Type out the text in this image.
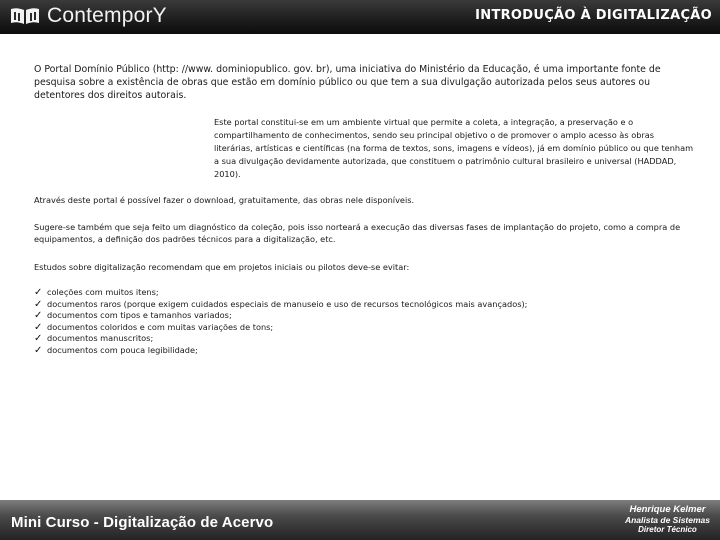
ContemporY	INTRODUÇÃO À DIGITALIZAÇÃO

O Portal Domínio Público (http: //www. dominiopublico. gov. br), uma iniciativa do Ministério da Educação, é uma importante fonte de pesquisa sobre a existência de obras que estão em domínio público ou que tem a sua divulgação autorizada pelos seus autores ou detentores dos direitos autorais.

Este portal constitui-se em um ambiente virtual que permite a coleta, a integração, a preservação e o compartilhamento de conhecimentos, sendo seu principal objetivo o de promover o amplo acesso às obras literárias, artísticas e científicas (na forma de textos, sons, imagens e vídeos), já em domínio público ou que tenham a sua divulgação devidamente autorizada, que constituem o patrimônio cultural brasileiro e universal (HADDAD, 2010).

Através deste portal é possível fazer o download, gratuitamente, das obras nele disponíveis.

Sugere-se também que seja feito um diagnóstico da coleção, pois isso norteará a execução das diversas fases de implantação do projeto, como a compra de equipamentos, a definição dos padrões técnicos para a digitalização, etc.

Estudos sobre digitalização recomendam que em projetos iniciais ou pilotos deve-se evitar:

✓ coleções com muitos itens;
✓ documentos raros (porque exigem cuidados especiais de manuseio e uso de recursos tecnológicos mais avançados);
✓ documentos com tipos e tamanhos variados;
✓ documentos coloridos e com muitas variações de tons;
✓ documentos manuscritos;
✓ documentos com pouca legibilidade;
Mini Curso - Digitalização de Acervo
Henrique Kelmer
Analista de Sistemas
Diretor Técnico
